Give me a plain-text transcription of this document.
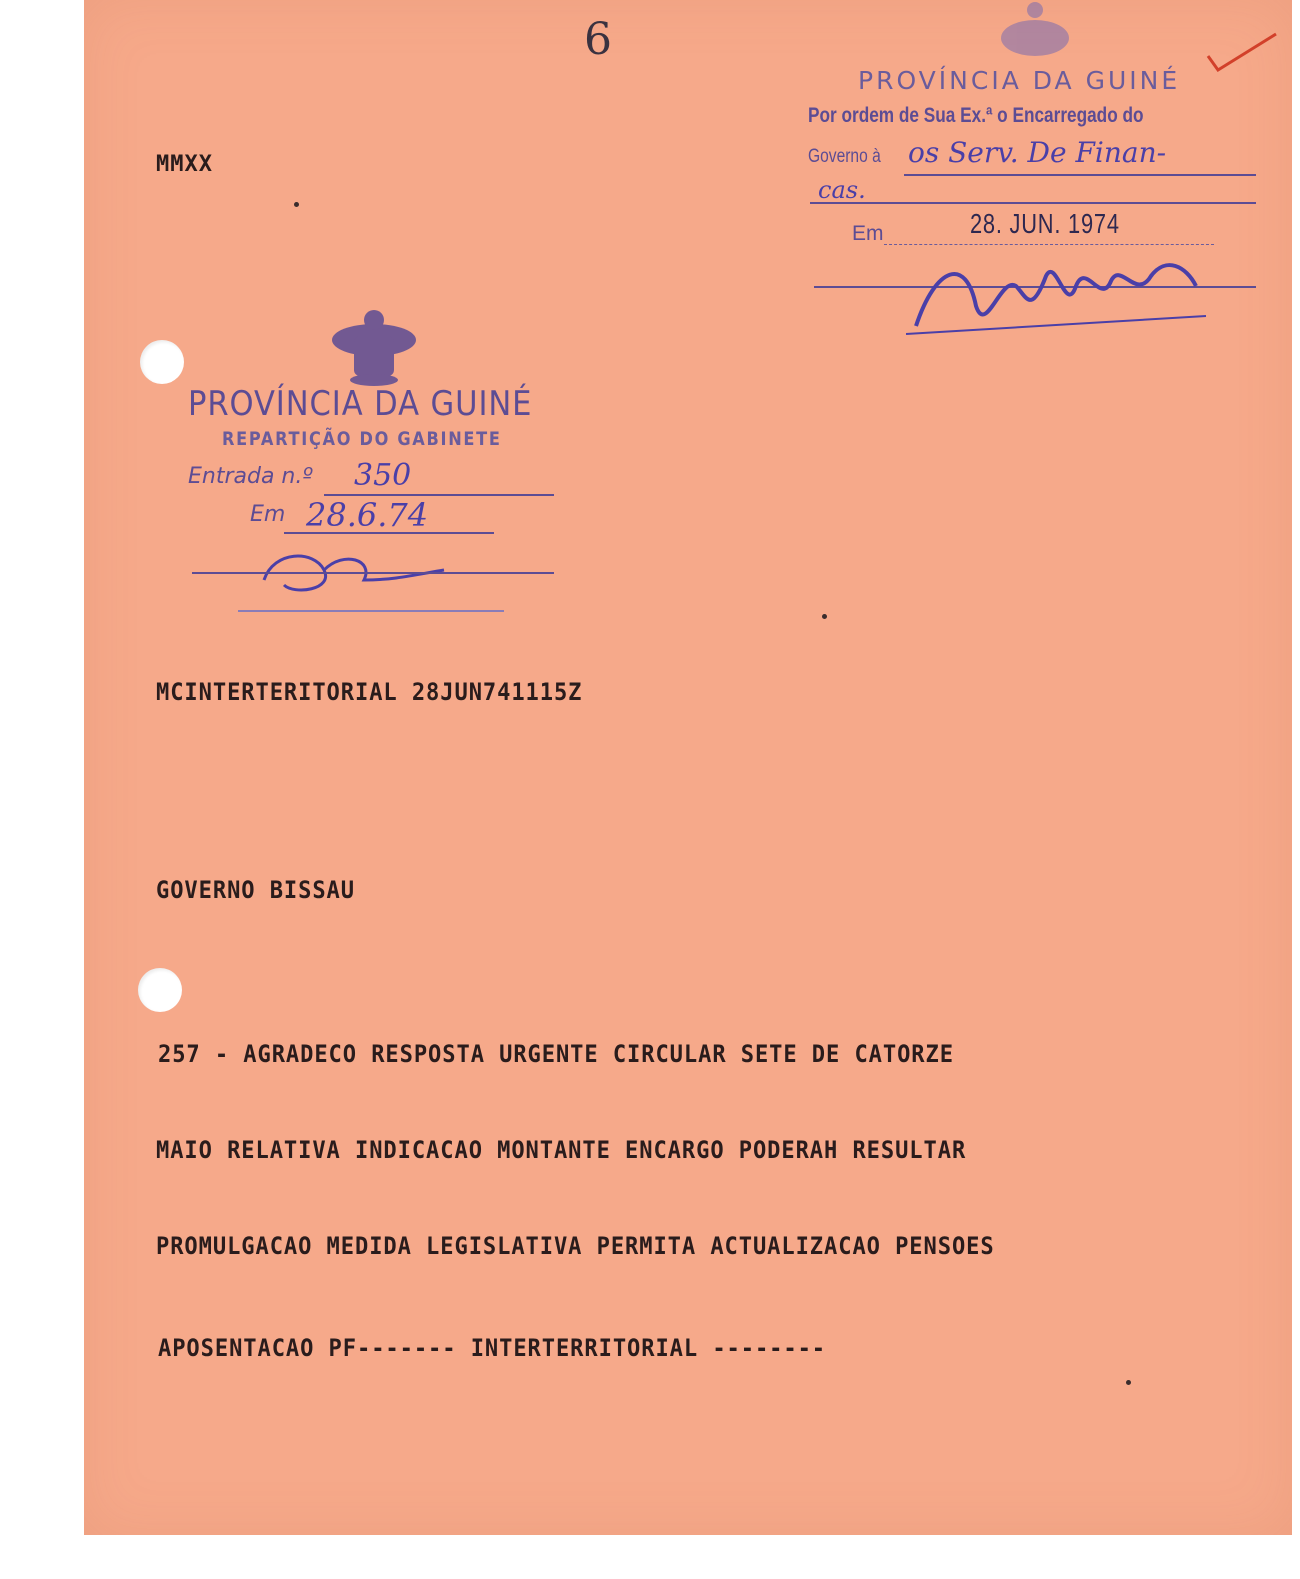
6
PROVÍNCIA DA GUINÉ
Por ordem de Sua Ex.ª o Encarregado do
Governo à os Serv. De Finan-
cas.
Em	28. JUN. 1974
MMXX
PROVÍNCIA DA GUINÉ
REPARTIÇÃO DO GABINETE
Entrada n.º 350
Em 28.6.74
MCINTERTERITORIAL 28JUN741115Z
GOVERNO BISSAU
257 - AGRADECO RESPOSTA URGENTE CIRCULAR SETE DE CATORZE
MAIO RELATIVA INDICACAO MONTANTE ENCARGO PODERAH RESULTAR
PROMULGACAO MEDIDA LEGISLATIVA PERMITA ACTUALIZACAO PENSOES
APOSENTACAO PF------- INTERTERRITORIAL --------
